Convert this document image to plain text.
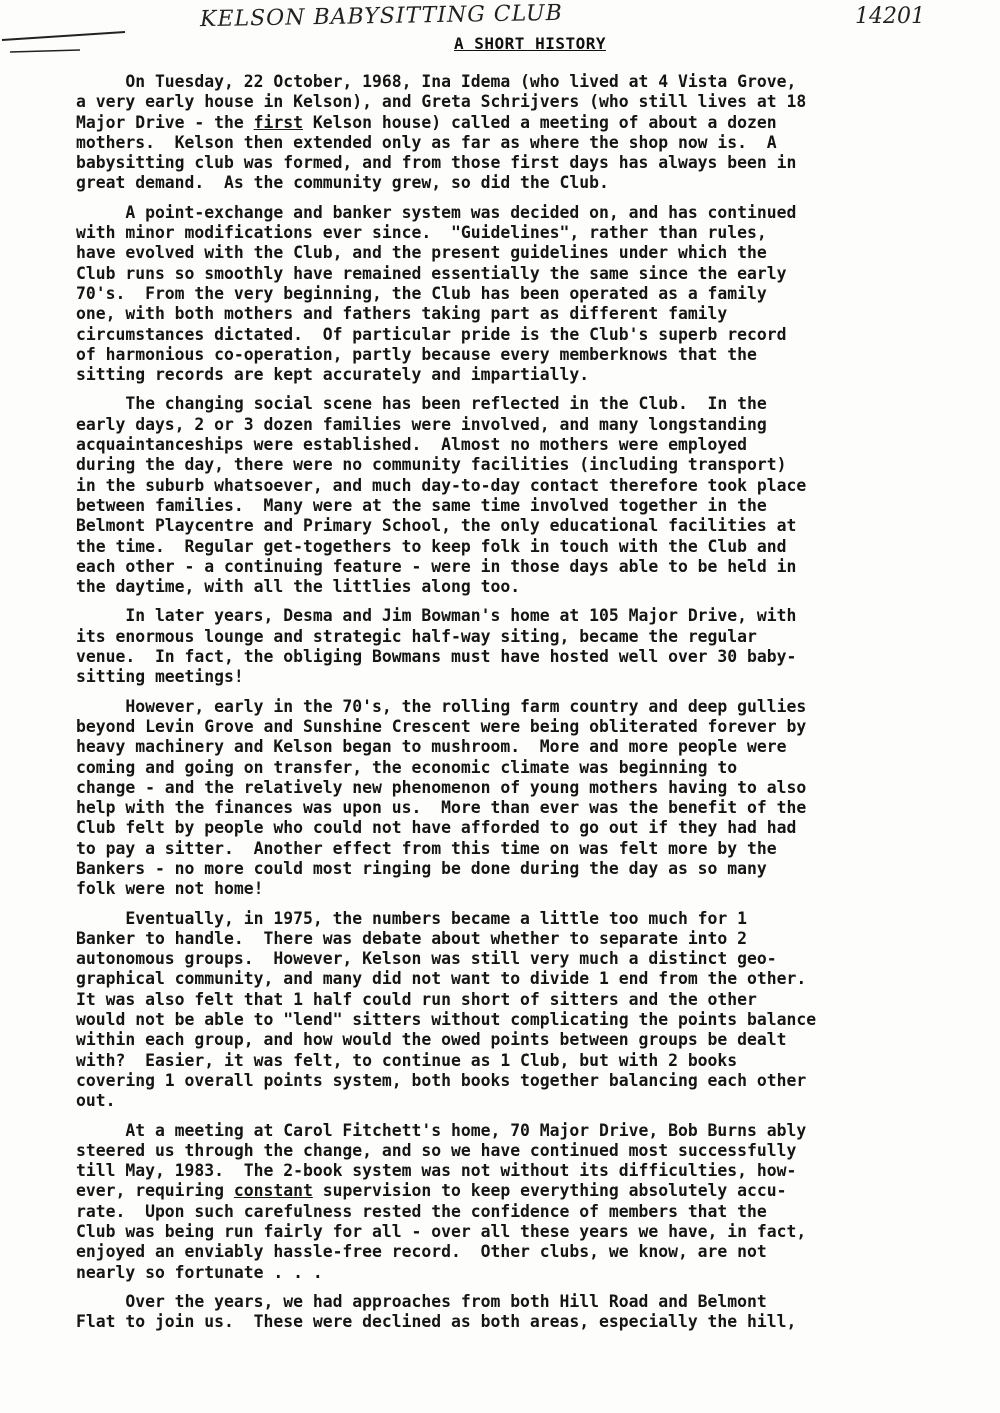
KELSON BABYSITTING CLUB	14201
A SHORT HISTORY
On Tuesday, 22 October, 1968, Ina Idema (who lived at 4 Vista Grove,
a very early house in Kelson), and Greta Schrijvers (who still lives at 18
Major Drive - the first Kelson house) called a meeting of about a dozen
mothers.  Kelson then extended only as far as where the shop now is.  A
babysitting club was formed, and from those first days has always been in
great demand.  As the community grew, so did the Club.
A point-exchange and banker system was decided on, and has continued
with minor modifications ever since.  "Guidelines", rather than rules,
have evolved with the Club, and the present guidelines under which the
Club runs so smoothly have remained essentially the same since the early
70's.  From the very beginning, the Club has been operated as a family
one, with both mothers and fathers taking part as different family
circumstances dictated.  Of particular pride is the Club's superb record
of harmonious co-operation, partly because every memberknows that the
sitting records are kept accurately and impartially.
The changing social scene has been reflected in the Club.  In the
early days, 2 or 3 dozen families were involved, and many longstanding
acquaintanceships were established.  Almost no mothers were employed
during the day, there were no community facilities (including transport)
in the suburb whatsoever, and much day-to-day contact therefore took place
between families.  Many were at the same time involved together in the
Belmont Playcentre and Primary School, the only educational facilities at
the time.  Regular get-togethers to keep folk in touch with the Club and
each other - a continuing feature - were in those days able to be held in
the daytime, with all the littlies along too.
In later years, Desma and Jim Bowman's home at 105 Major Drive, with
its enormous lounge and strategic half-way siting, became the regular
venue.  In fact, the obliging Bowmans must have hosted well over 30 baby-
sitting meetings!
However, early in the 70's, the rolling farm country and deep gullies
beyond Levin Grove and Sunshine Crescent were being obliterated forever by
heavy machinery and Kelson began to mushroom.  More and more people were
coming and going on transfer, the economic climate was beginning to
change - and the relatively new phenomenon of young mothers having to also
help with the finances was upon us.  More than ever was the benefit of the
Club felt by people who could not have afforded to go out if they had had
to pay a sitter.  Another effect from this time on was felt more by the
Bankers - no more could most ringing be done during the day as so many
folk were not home!
Eventually, in 1975, the numbers became a little too much for 1
Banker to handle.  There was debate about whether to separate into 2
autonomous groups.  However, Kelson was still very much a distinct geo-
graphical community, and many did not want to divide 1 end from the other.
It was also felt that 1 half could run short of sitters and the other
would not be able to "lend" sitters without complicating the points balance
within each group, and how would the owed points between groups be dealt
with?  Easier, it was felt, to continue as 1 Club, but with 2 books
covering 1 overall points system, both books together balancing each other
out.
At a meeting at Carol Fitchett's home, 70 Major Drive, Bob Burns ably
steered us through the change, and so we have continued most successfully
till May, 1983.  The 2-book system was not without its difficulties, how-
ever, requiring constant supervision to keep everything absolutely accu-
rate.  Upon such carefulness rested the confidence of members that the
Club was being run fairly for all - over all these years we have, in fact,
enjoyed an enviably hassle-free record.  Other clubs, we know, are not
nearly so fortunate . . .
Over the years, we had approaches from both Hill Road and Belmont
Flat to join us.  These were declined as both areas, especially the hill,
